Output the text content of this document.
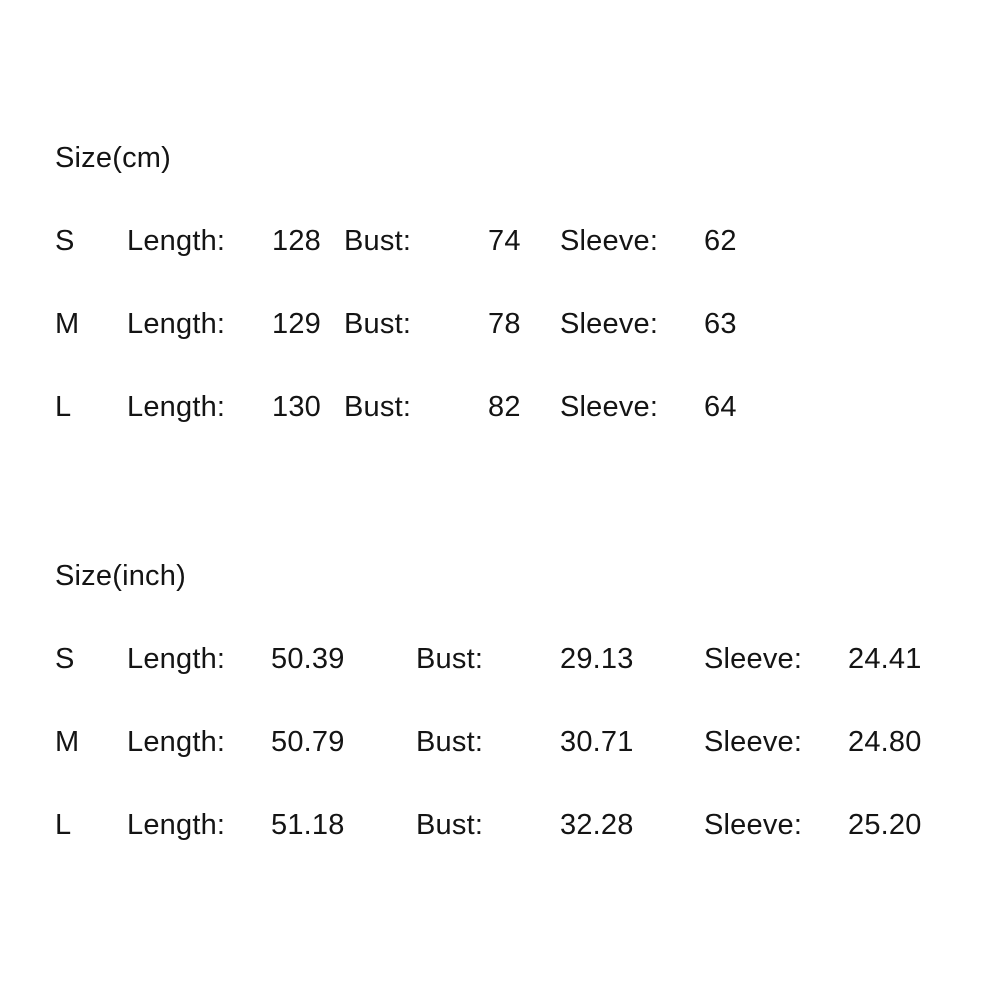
Size(cm)
S Length: 128 Bust:	74 Sleeve: 62
M Length: 129 Bust:	78 Sleeve: 63
L Length: 130 Bust:	82 Sleeve: 64
Size(inch)
S Length: 50.39 Bust:	29.13 Sleeve: 24.41
M Length: 50.79 Bust:	30.71 Sleeve: 24.80
L Length: 51.18 Bust:	32.28 Sleeve: 25.20
